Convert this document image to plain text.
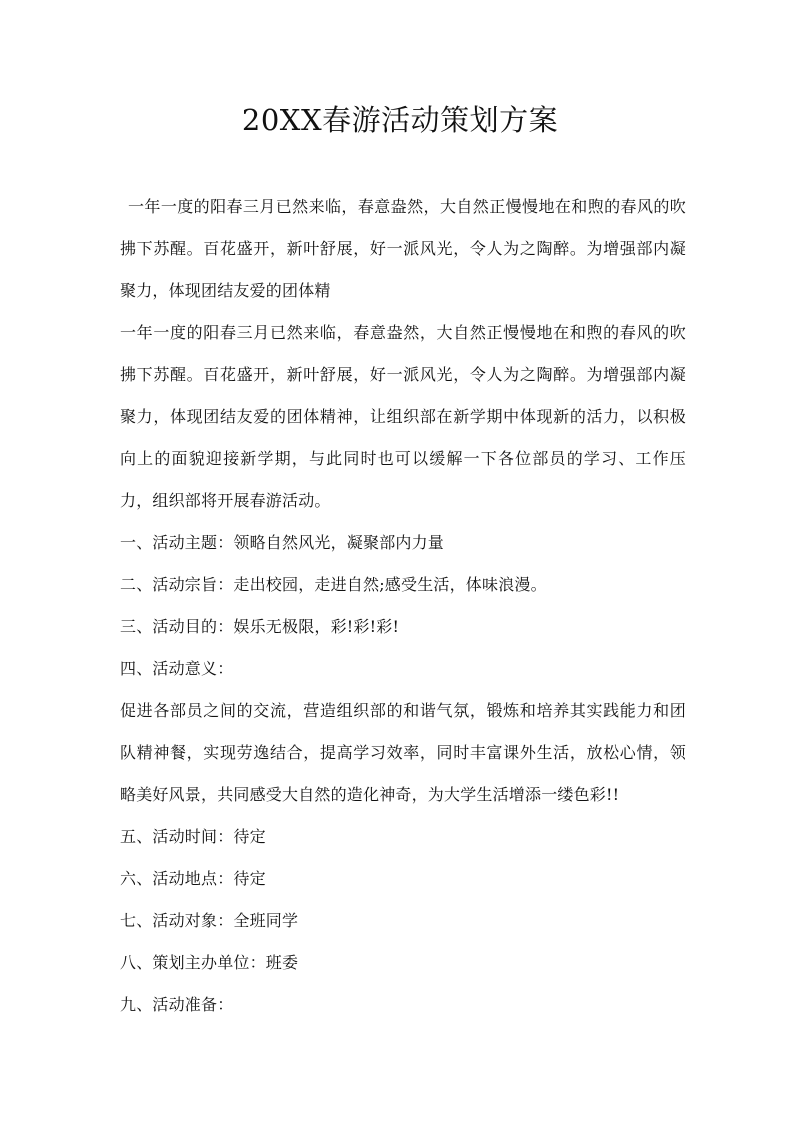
20XX春游活动策划方案

一年一度的阳春三月已然来临，春意盎然，大自然正慢慢地在和煦的春风的吹拂下苏醒。百花盛开，新叶舒展，好一派风光，令人为之陶醉。为增强部内凝聚力，体现团结友爱的团体精

一年一度的阳春三月已然来临，春意盎然，大自然正慢慢地在和煦的春风的吹拂下苏醒。百花盛开，新叶舒展，好一派风光，令人为之陶醉。为增强部内凝聚力，体现团结友爱的团体精神，让组织部在新学期中体现新的活力，以积极向上的面貌迎接新学期，与此同时也可以缓解一下各位部员的学习、工作压力，组织部将开展春游活动。

一、活动主题：领略自然风光，凝聚部内力量

二、活动宗旨：走出校园，走进自然;感受生活，体味浪漫。

三、活动目的：娱乐无极限，彩!彩!彩!

四、活动意义：

促进各部员之间的交流，营造组织部的和谐气氛，锻炼和培养其实践能力和团队精神餐，实现劳逸结合，提高学习效率，同时丰富课外生活，放松心情，领略美好风景，共同感受大自然的造化神奇，为大学生活增添一缕色彩!!

五、活动时间：待定

六、活动地点：待定

七、活动对象：全班同学

八、策划主办单位：班委

九、活动准备：
